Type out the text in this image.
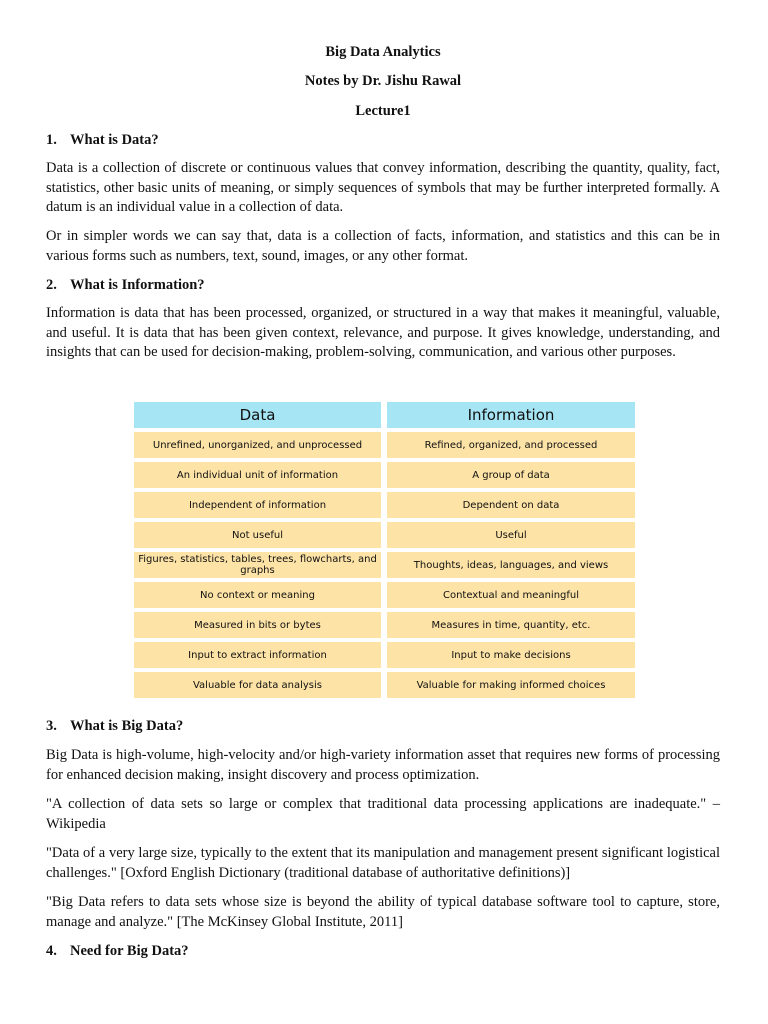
Big Data Analytics
Notes by Dr. Jishu Rawal
Lecture1
1. What is Data?

Data is a collection of discrete or continuous values that convey information, describing the quantity, quality, fact, statistics, other basic units of meaning, or simply sequences of symbols that may be further interpreted formally. A datum is an individual value in a collection of data.

Or in simpler words we can say that, data is a collection of facts, information, and statistics and this can be in various forms such as numbers, text, sound, images, or any other format.

2. What is Information?

Information is data that has been processed, organized, or structured in a way that makes it meaningful, valuable, and useful. It is data that has been given context, relevance, and purpose. It gives knowledge, understanding, and insights that can be used for decision-making, problem-solving, communication, and various other purposes.

3. What is Big Data?

Big Data is high-volume, high-velocity and/or high-variety information asset that requires new forms of processing for enhanced decision making, insight discovery and process optimization.

"A collection of data sets so large or complex that traditional data processing applications are inadequate." – Wikipedia

"Data of a very large size, typically to the extent that its manipulation and management present significant logistical challenges." [Oxford English Dictionary (traditional database of authoritative definitions)]

"Big Data refers to data sets whose size is beyond the ability of typical database software tool to capture, store, manage and analyze." [The McKinsey Global Institute, 2011]

4. Need for Big Data?
Data	Information
Unrefined, unorganized, and unprocessed	Refined, organized, and processed
An individual unit of information	A group of data
Independent of information	Dependent on data
Not useful	Useful
Figures, statistics, tables, trees, flowcharts, and graphs	Thoughts, ideas, languages, and views
No context or meaning	Contextual and meaningful
Measured in bits or bytes	Measures in time, quantity, etc.
Input to extract information	Input to make decisions
Valuable for data analysis	Valuable for making informed choices
